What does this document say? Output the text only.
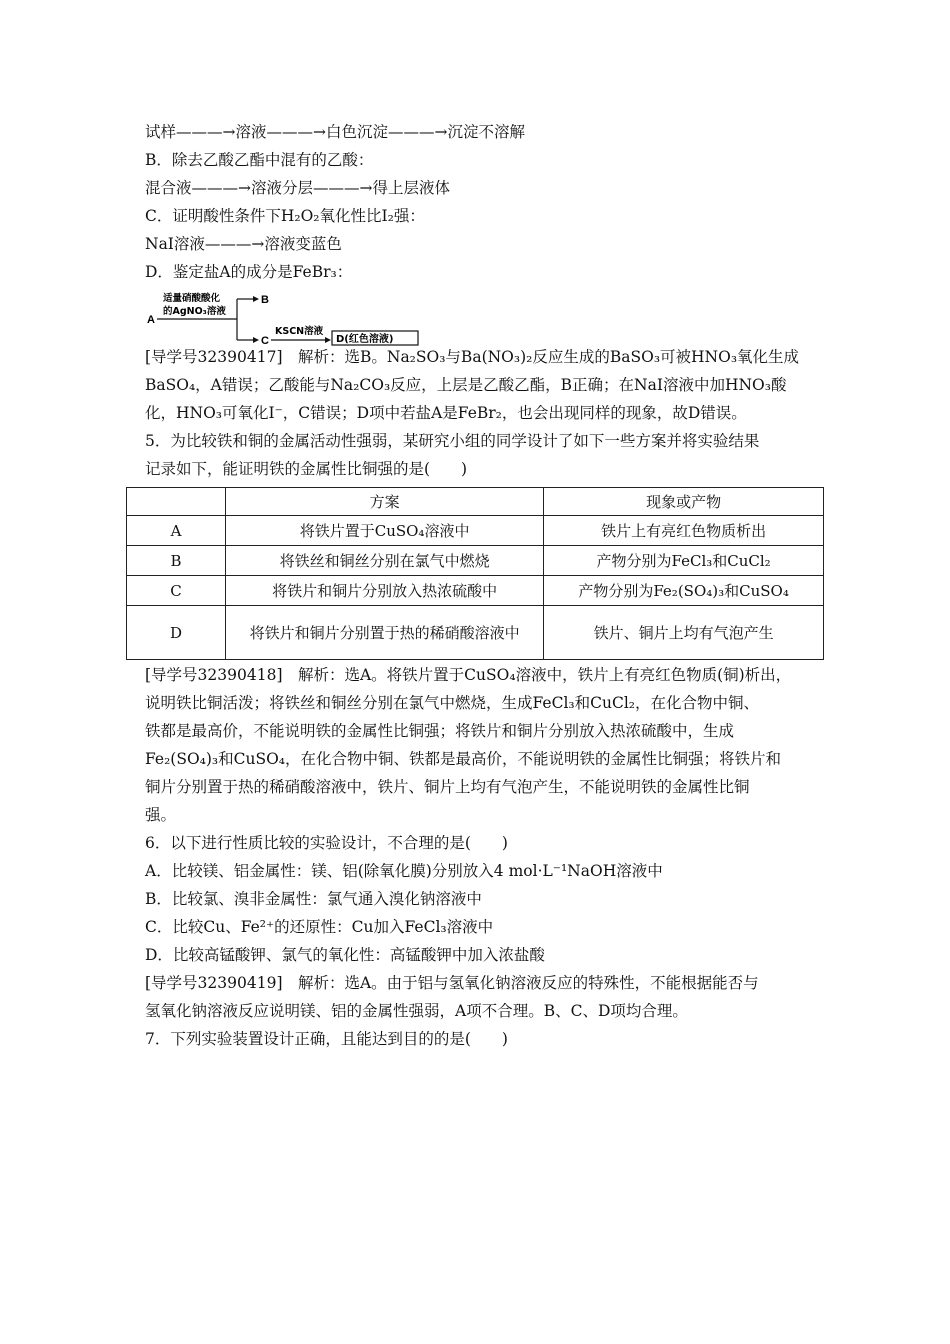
试样———→溶液———→白色沉淀———→沉淀不溶解
B．除去乙酸乙酯中混有的乙酸：
混合液———→溶液分层———→得上层液体
C．证明酸性条件下H₂O₂氧化性比I₂强：
NaI溶液———→溶液变蓝色
D．鉴定盐A的成分是FeBr₃：
A
B
适量硝酸酸化
的AgNO₃溶液
C
KSCN溶液
D(红色溶液)

[导学号32390417]　解析：选B。Na₂SO₃与Ba(NO₃)₂反应生成的BaSO₃可被HNO₃氧化生成

BaSO₄，A错误；乙酸能与Na₂CO₃反应，上层是乙酸乙酯，B正确；在NaI溶液中加HNO₃酸

化，HNO₃可氧化I⁻，C错误；D项中若盐A是FeBr₂，也会出现同样的现象，故D错误。

5．为比较铁和铜的金属活动性强弱，某研究小组的同学设计了如下一些方案并将实验结果

记录如下，能证明铁的金属性比铜强的是(　　)

	方案	现象或产物
A	将铁片置于CuSO₄溶液中	铁片上有亮红色物质析出
B	将铁丝和铜丝分别在氯气中燃烧	产物分别为FeCl₃和CuCl₂
C	将铁片和铜片分别放入热浓硫酸中	产物分别为Fe₂(SO₄)₃和CuSO₄
D	将铁片和铜片分别置于热的稀硝酸溶液中	铁片、铜片上均有气泡产生

[导学号32390418]　解析：选A。将铁片置于CuSO₄溶液中，铁片上有亮红色物质(铜)析出，

说明铁比铜活泼；将铁丝和铜丝分别在氯气中燃烧，生成FeCl₃和CuCl₂，在化合物中铜、

铁都是最高价，不能说明铁的金属性比铜强；将铁片和铜片分别放入热浓硫酸中，生成

Fe₂(SO₄)₃和CuSO₄，在化合物中铜、铁都是最高价，不能说明铁的金属性比铜强；将铁片和

铜片分别置于热的稀硝酸溶液中，铁片、铜片上均有气泡产生，不能说明铁的金属性比铜

强。

6．以下进行性质比较的实验设计，不合理的是(　　)

A．比较镁、铝金属性：镁、铝(除氧化膜)分别放入4 mol·L⁻¹NaOH溶液中

B．比较氯、溴非金属性：氯气通入溴化钠溶液中

C．比较Cu、Fe²⁺的还原性：Cu加入FeCl₃溶液中

D．比较高锰酸钾、氯气的氧化性：高锰酸钾中加入浓盐酸

[导学号32390419]　解析：选A。由于铝与氢氧化钠溶液反应的特殊性，不能根据能否与

氢氧化钠溶液反应说明镁、铝的金属性强弱，A项不合理。B、C、D项均合理。

7．下列实验装置设计正确，且能达到目的的是(　　)
